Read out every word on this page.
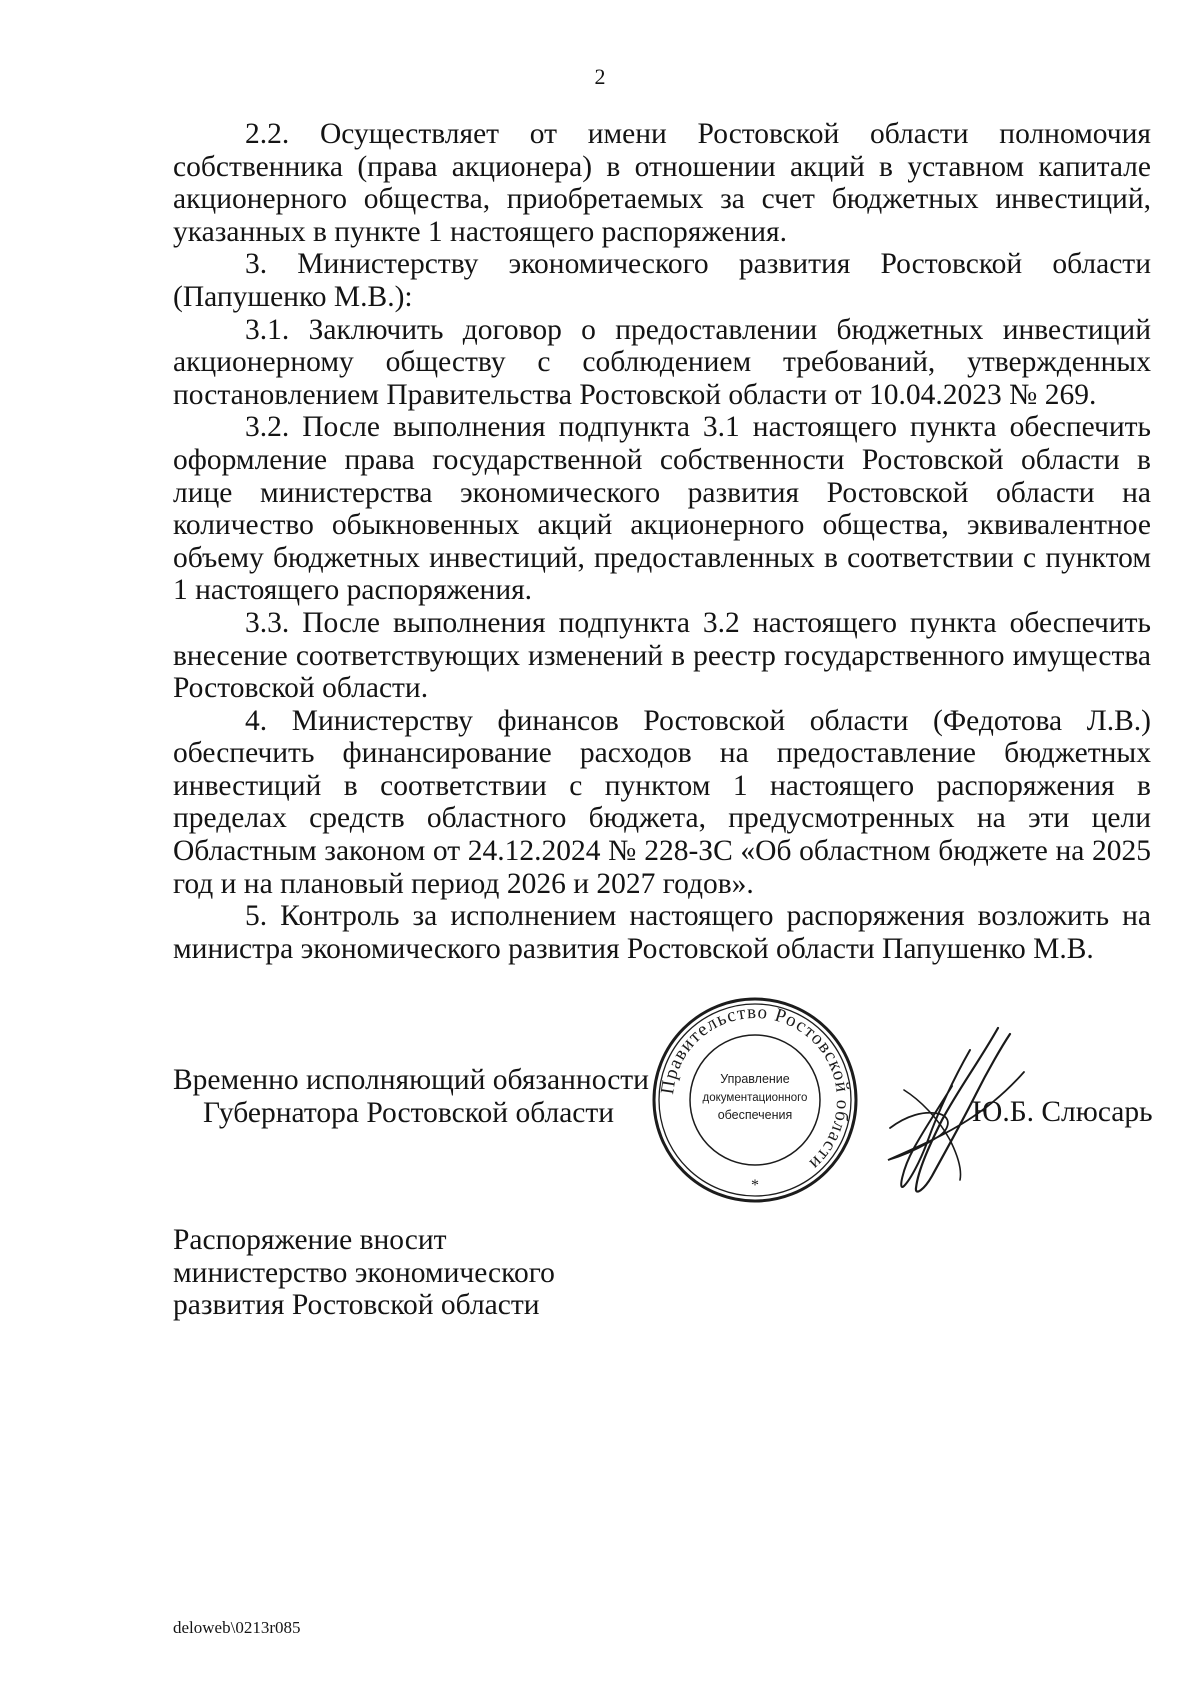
2

2.2. Осуществляет от имени Ростовской области полномочия собственника (права акционера) в отношении акций в уставном капитале акционерного общества, приобретаемых за счет бюджетных инвестиций, указанных в пункте 1 настоящего распоряжения.

3. Министерству экономического развития Ростовской области (Папушенко М.В.):

3.1. Заключить договор о предоставлении бюджетных инвестиций акционерному обществу с соблюдением требований, утвержденных постановлением Правительства Ростовской области от 10.04.2023 № 269.

3.2. После выполнения подпункта 3.1 настоящего пункта обеспечить оформление права государственной собственности Ростовской области в лице министерства экономического развития Ростовской области на количество обыкновенных акций акционерного общества, эквивалентное объему бюджетных инвестиций, предоставленных в соответствии с пунктом 1 настоящего распоряжения.

3.3. После выполнения подпункта 3.2 настоящего пункта обеспечить внесение соответствующих изменений в реестр государственного имущества Ростовской области.

4. Министерству финансов Ростовской области (Федотова Л.В.) обеспечить финансирование расходов на предоставление бюджетных инвестиций в соответствии с пунктом 1 настоящего распоряжения в пределах средств областного бюджета, предусмотренных на эти цели Областным законом от 24.12.2024 № 228-ЗС «Об областном бюджете на 2025 год и на плановый период 2026 и 2027 годов».

5. Контроль за исполнением настоящего распоряжения возложить на министра экономического развития Ростовской области Папушенко М.В.

Временно исполняющий обязанности
Губернатора Ростовской области
Правительство Ростовской области
Управление
документационного
обеспечения
*
Ю.Б. Слюсарь
Распоряжение вносит
министерство экономического
развития Ростовской области
deloweb\0213r085
